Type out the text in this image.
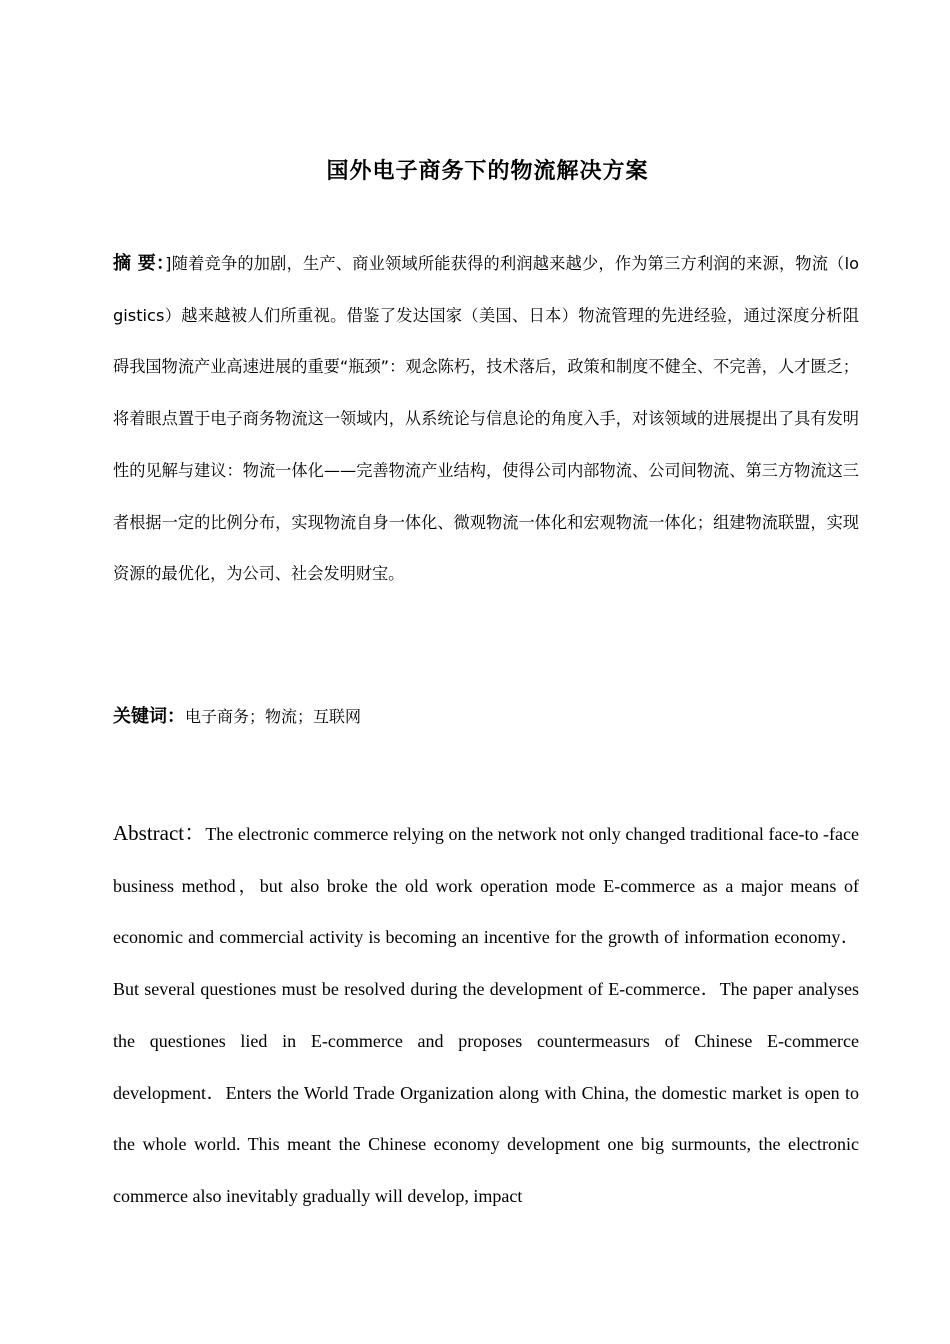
国外电子商务下的物流解决方案
摘 要：]随着竞争的加剧，生产、商业领域所能获得的利润越来越少，作为第三方利润的来源，物流（lo gistics）越来越被人们所重视。借鉴了发达国家（美国、日本）物流管理的先进经验，通过深度分析阻碍我国物流产业高速进展的重要“瓶颈”：观念陈朽，技术落后，政策和制度不健全、不完善，人才匮乏；将着眼点置于电子商务物流这一领域内，从系统论与信息论的角度入手，对该领域的进展提出了具有发明性的见解与建议：物流一体化——完善物流产业结构，使得公司内部物流、公司间物流、第三方物流这三者根据一定的比例分布，实现物流自身一体化、微观物流一体化和宏观物流一体化；组建物流联盟，实现资源的最优化，为公司、社会发明财宝。
关键词：电子商务；物流；互联网
Abstract：The electronic commerce relying on the network not only changed traditional face-to -face business method，but also broke the old work operation mode E-commerce as a major means of economic and commercial activity is becoming an incentive for the growth of information economy．But several questiones must be resolved during the development of E-commerce．The paper analyses the questiones lied in E-commerce and proposes countermeasurs of Chinese E-commerce development．Enters the World Trade Organization along with China, the domestic market is open to the whole world. This meant the Chinese economy development one big surmounts, the electronic commerce also inevitably gradually will develop, impact
